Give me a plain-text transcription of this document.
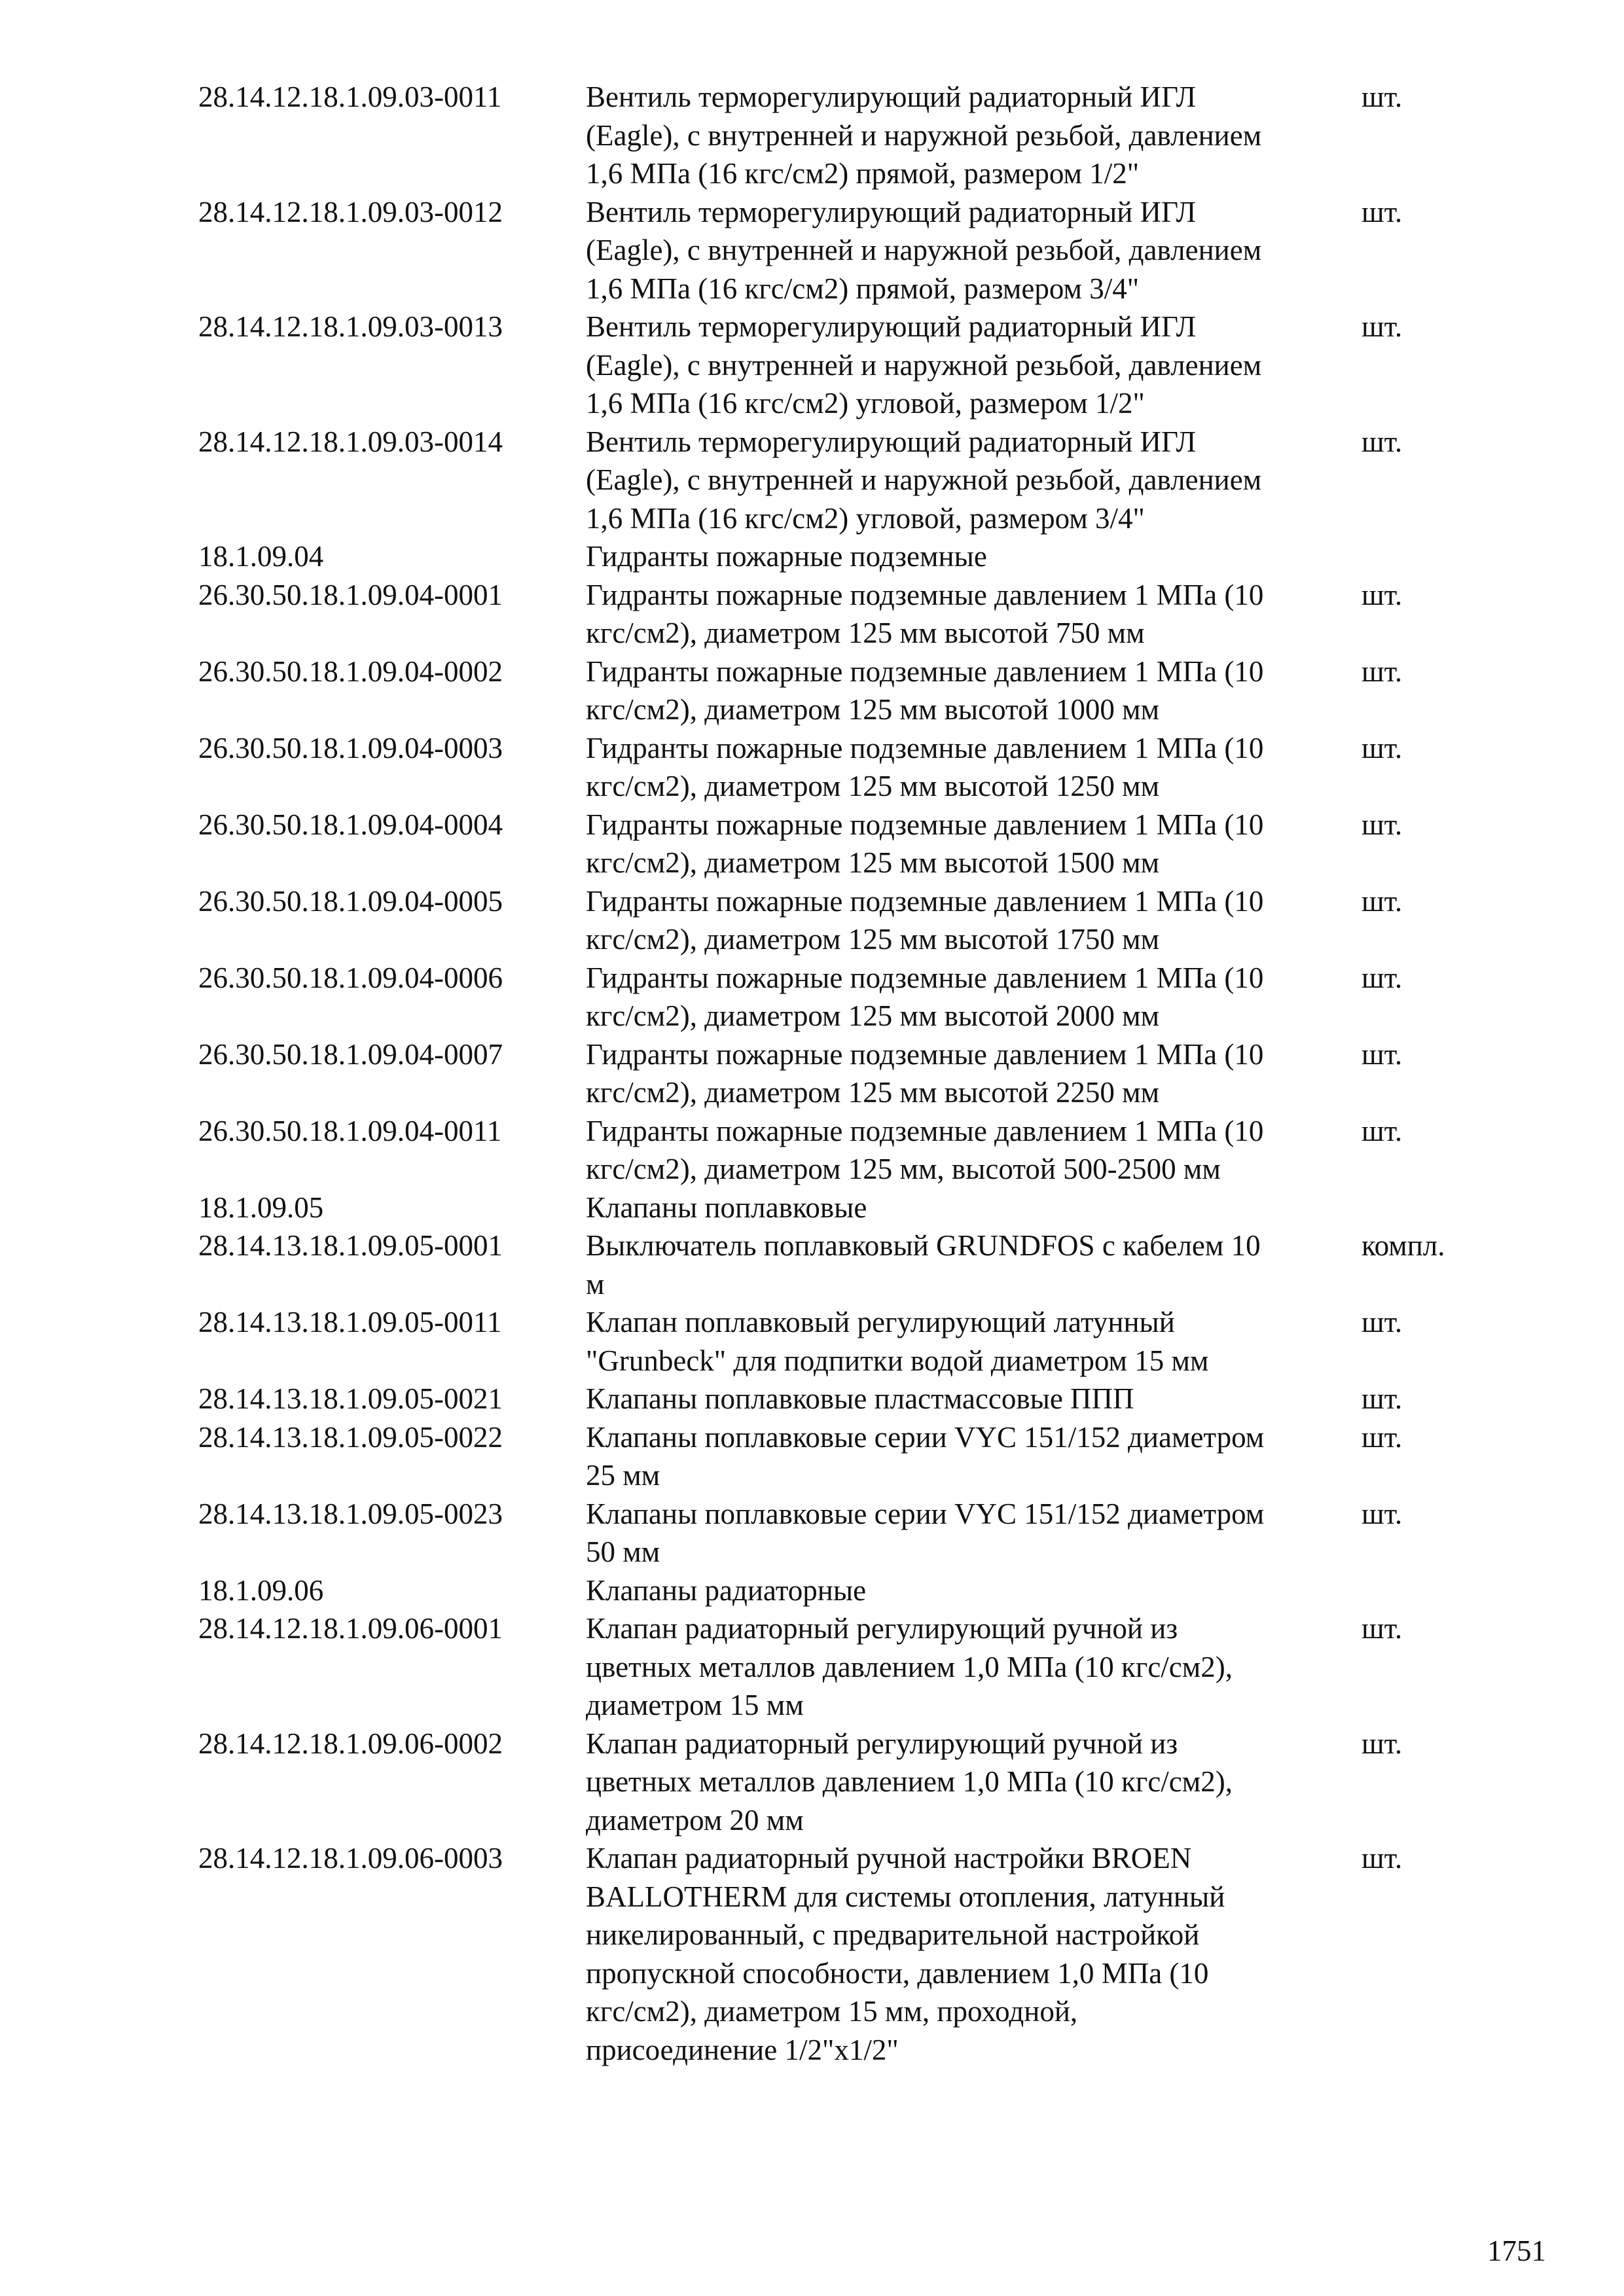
28.14.12.18.1.09.03-0011	Вентиль терморегулирующий радиаторный ИГЛ
(Eagle), с внутренней и наружной резьбой, давлением
1,6 МПа (16 кгс/см2) прямой, размером 1/2"
шт.
28.14.12.18.1.09.03-0012	Вентиль терморегулирующий радиаторный ИГЛ
(Eagle), с внутренней и наружной резьбой, давлением
1,6 МПа (16 кгс/см2) прямой, размером 3/4"
шт.
28.14.12.18.1.09.03-0013	Вентиль терморегулирующий радиаторный ИГЛ
(Eagle), с внутренней и наружной резьбой, давлением
1,6 МПа (16 кгс/см2) угловой, размером 1/2"
шт.
28.14.12.18.1.09.03-0014	Вентиль терморегулирующий радиаторный ИГЛ
(Eagle), с внутренней и наружной резьбой, давлением
1,6 МПа (16 кгс/см2) угловой, размером 3/4"
шт.
18.1.09.04	Гидранты пожарные подземные
26.30.50.18.1.09.04-0001	Гидранты пожарные подземные давлением 1 МПа (10
кгс/см2), диаметром 125 мм высотой 750 мм
шт.
26.30.50.18.1.09.04-0002	Гидранты пожарные подземные давлением 1 МПа (10
кгс/см2), диаметром 125 мм высотой 1000 мм
шт.
26.30.50.18.1.09.04-0003	Гидранты пожарные подземные давлением 1 МПа (10
кгс/см2), диаметром 125 мм высотой 1250 мм
шт.
26.30.50.18.1.09.04-0004	Гидранты пожарные подземные давлением 1 МПа (10
кгс/см2), диаметром 125 мм высотой 1500 мм
шт.
26.30.50.18.1.09.04-0005	Гидранты пожарные подземные давлением 1 МПа (10
кгс/см2), диаметром 125 мм высотой 1750 мм
шт.
26.30.50.18.1.09.04-0006	Гидранты пожарные подземные давлением 1 МПа (10
кгс/см2), диаметром 125 мм высотой 2000 мм
шт.
26.30.50.18.1.09.04-0007	Гидранты пожарные подземные давлением 1 МПа (10
кгс/см2), диаметром 125 мм высотой 2250 мм
шт.
26.30.50.18.1.09.04-0011	Гидранты пожарные подземные давлением 1 МПа (10
кгс/см2), диаметром 125 мм, высотой 500-2500 мм
шт.
18.1.09.05	Клапаны поплавковые
28.14.13.18.1.09.05-0001	Выключатель поплавковый GRUNDFOS с кабелем 10
м
компл.
28.14.13.18.1.09.05-0011	Клапан поплавковый регулирующий латунный
"Grunbeck" для подпитки водой диаметром 15 мм
шт.
28.14.13.18.1.09.05-0021	Клапаны поплавковые пластмассовые ППП	шт.
28.14.13.18.1.09.05-0022	Клапаны поплавковые серии VYC 151/152 диаметром
25 мм
шт.
28.14.13.18.1.09.05-0023	Клапаны поплавковые серии VYC 151/152 диаметром
50 мм
шт.
18.1.09.06	Клапаны радиаторные
28.14.12.18.1.09.06-0001	Клапан радиаторный регулирующий ручной из
цветных металлов давлением 1,0 МПа (10 кгс/см2),
диаметром 15 мм
шт.
28.14.12.18.1.09.06-0002	Клапан радиаторный регулирующий ручной из
цветных металлов давлением 1,0 МПа (10 кгс/см2),
диаметром 20 мм
шт.
28.14.12.18.1.09.06-0003	Клапан радиаторный ручной настройки BROEN
BALLOTHERM для системы отопления, латунный
никелированный, с предварительной настройкой
пропускной способности, давлением 1,0 МПа (10
кгс/см2), диаметром 15 мм, проходной,
присоединение 1/2"x1/2"
шт.
1751
